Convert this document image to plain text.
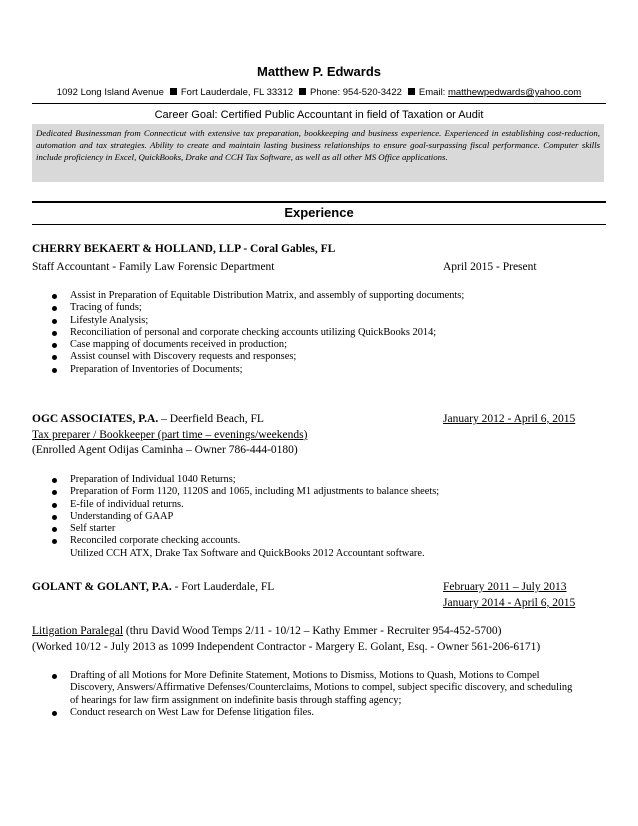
Matthew P. Edwards
1092 Long Island Avenue Fort Lauderdale, FL 33312 Phone: 954-520-3422 Email: matthewpedwards@yahoo.com
Career Goal: Certified Public Accountant in field of Taxation or Audit
Dedicated Businessman from Connecticut with extensive tax preparation, bookkeeping and business experience. Experienced in establishing cost-reduction, automation and tax strategies. Ability to create and maintain lasting business relationships to ensure goal-surpassing fiscal performance. Computer skills include proficiency in Excel, QuickBooks, Drake and CCH Tax Software, as well as all other MS Office applications.
Experience
CHERRY BEKAERT & HOLLAND, LLP - Coral Gables, FL
Staff Accountant - Family Law Forensic Department	April 2015 - Present
Assist in Preparation of Equitable Distribution Matrix, and assembly of supporting documents;
Tracing of funds;
Lifestyle Analysis;
Reconciliation of personal and corporate checking accounts utilizing QuickBooks 2014;
Case mapping of documents received in production;
Assist counsel with Discovery requests and responses;
Preparation of Inventories of Documents;
OGC ASSOCIATES, P.A. – Deerfield Beach, FL	January 2012 - April 6, 2015
Tax preparer / Bookkeeper (part time – evenings/weekends)
(Enrolled Agent Odijas Caminha – Owner 786-444-0180)
Preparation of Individual 1040 Returns;
Preparation of Form 1120, 1120S and 1065, including M1 adjustments to balance sheets;
E-file of individual returns.
Understanding of GAAP
Self starter
Reconciled corporate checking accounts.
Utilized CCH ATX, Drake Tax Software and QuickBooks 2012 Accountant software.
GOLANT & GOLANT, P.A. - Fort Lauderdale, FL	February 2011 – July 2013
January 2014 - April 6, 2015
Litigation Paralegal (thru David Wood Temps 2/11 - 10/12 – Kathy Emmer - Recruiter 954-452-5700)
(Worked 10/12 - July 2013 as 1099 Independent Contractor - Margery E. Golant, Esq. - Owner 561-206-6171)
Drafting of all Motions for More Definite Statement, Motions to Dismiss, Motions to Quash, Motions to Compel Discovery, Answers/Affirmative Defenses/Counterclaims, Motions to compel, subject specific discovery, and scheduling of hearings for law firm assignment on indefinite basis through staffing agency;
Conduct research on West Law for Defense litigation files.
